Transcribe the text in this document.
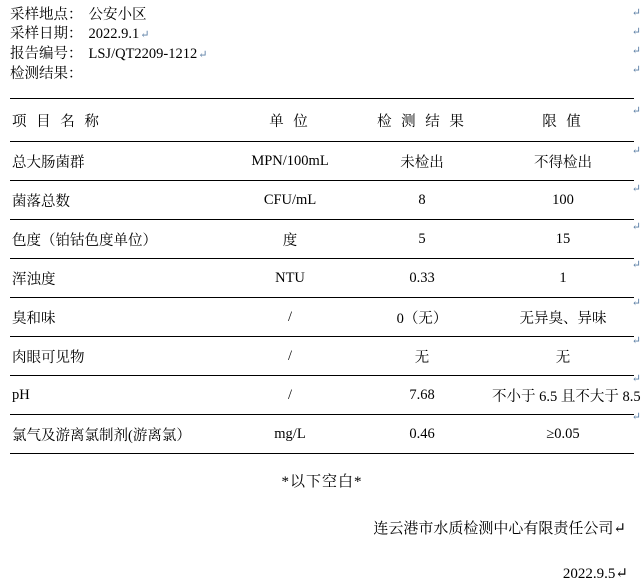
采样地点： 公安小区
采样日期： 2022.9.1↵
报告编号： LSJ/QT2209-1212↵
检测结果：
项 目 名 称	单 位	检 测 结 果	限 值
总大肠菌群	MPN/100mL	未检出	不得检出
菌落总数	CFU/mL	8	100
色度（铂钴色度单位）	度	5	15
浑浊度	NTU	0.33	1
臭和味	/	0（无）	无异臭、异味
肉眼可见物	/	无	无
pH	/	7.68	不小于 6.5 且不大于 8.5
氯气及游离氯制剂(游离氯）	mg/L	0.46	≥0.05
*以下空白*
连云港市水质检测中心有限责任公司↵
2022.9.5↵
↵
↵
↵
↵
↵
↵
↵
↵
↵
↵
↵
↵
↵
